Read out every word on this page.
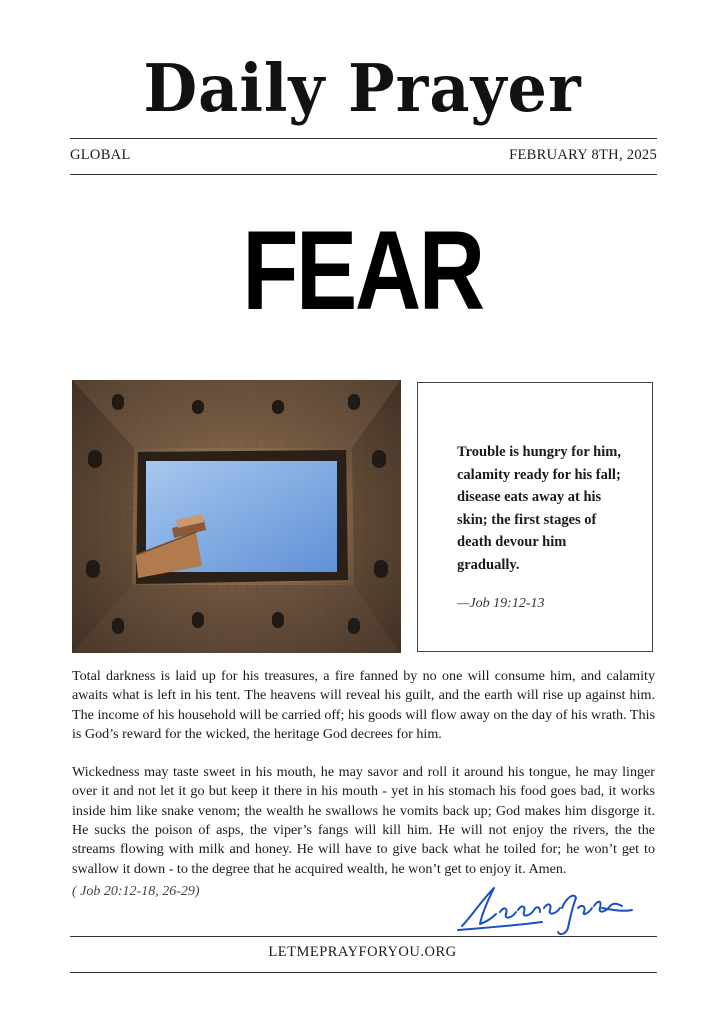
Daily Prayer
GLOBAL	FEBRUARY 8TH, 2025
FEAR
Trouble is hungry for him, calamity ready for his fall; disease eats away at his skin; the first stages of death devour him gradually.
—Job 19:12-13

Total darkness is laid up for his treasures, a fire fanned by no one will consume him, and calamity awaits what is left in his tent. The heavens will reveal his guilt, and the earth will rise up against him. The income of his household will be carried off; his goods will flow away on the day of his wrath. This is God’s reward for the wicked, the heritage God decrees for him.

Wickedness may taste sweet in his mouth, he may savor and roll it around his tongue, he may linger over it and not let it go but keep it there in his mouth - yet in his stomach his food goes bad, it works inside him like snake venom; the wealth he swallows he vomits back up; God makes him disgorge it. He sucks the poison of asps, the viper’s fangs will kill him. He will not enjoy the rivers, the the streams flowing with milk and honey. He will have to give back what he toiled for; he won’t get to swallow it down - to the degree that he acquired wealth, he won’t get to enjoy it. Amen.

( Job 20:12-18, 26-29)
LETMEPRAYFORYOU.ORG
